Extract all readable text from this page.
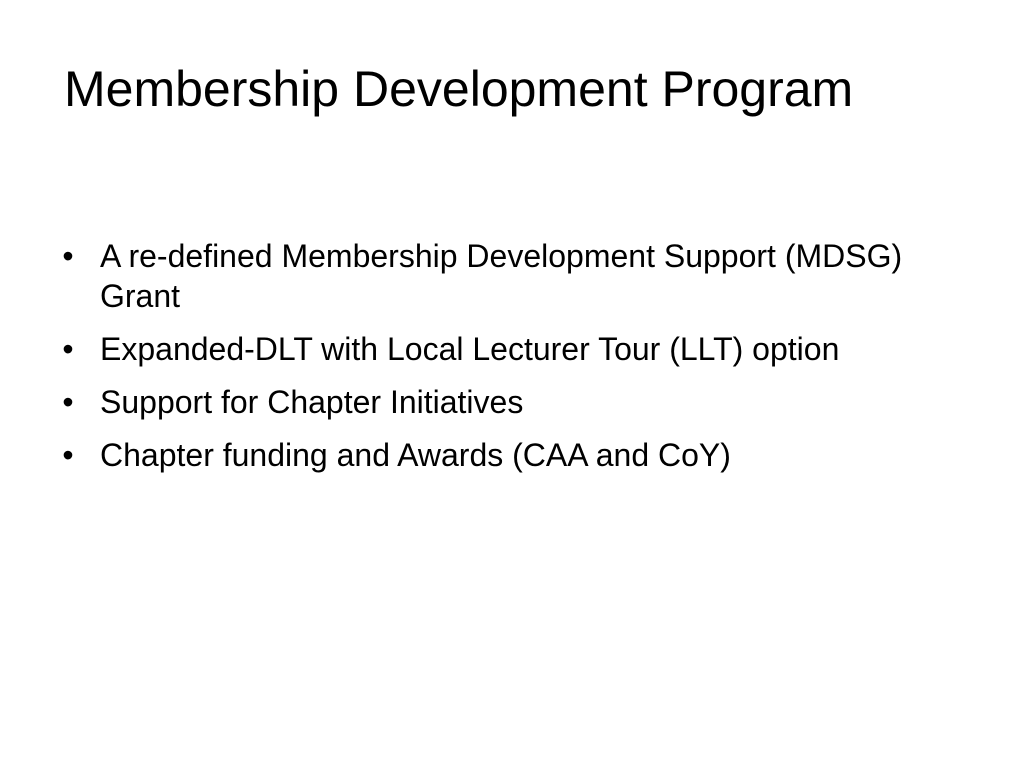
Membership Development Program
• A re-defined Membership Development Support (MDSG) Grant
• Expanded-DLT with Local Lecturer Tour (LLT) option
• Support for Chapter Initiatives
• Chapter funding and Awards (CAA and CoY)
